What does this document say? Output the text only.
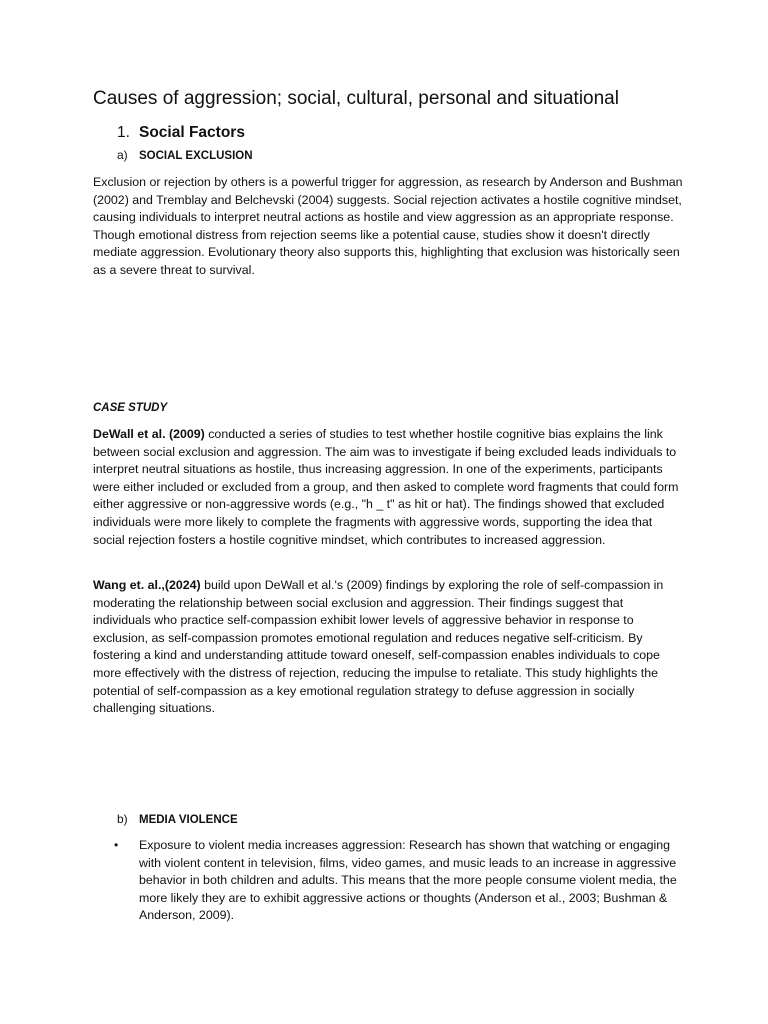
Causes of aggression; social, cultural, personal and situational
1. Social Factors
a) SOCIAL EXCLUSION

Exclusion or rejection by others is a powerful trigger for aggression, as research by Anderson and Bushman (2002) and Tremblay and Belchevski (2004) suggests. Social rejection activates a hostile cognitive mindset, causing individuals to interpret neutral actions as hostile and view aggression as an appropriate response. Though emotional distress from rejection seems like a potential cause, studies show it doesn't directly mediate aggression. Evolutionary theory also supports this, highlighting that exclusion was historically seen as a severe threat to survival.

CASE STUDY

DeWall et al. (2009) conducted a series of studies to test whether hostile cognitive bias explains the link between social exclusion and aggression. The aim was to investigate if being excluded leads individuals to interpret neutral situations as hostile, thus increasing aggression. In one of the experiments, participants were either included or excluded from a group, and then asked to complete word fragments that could form either aggressive or non-aggressive words (e.g., "h _ t" as hit or hat). The findings showed that excluded individuals were more likely to complete the fragments with aggressive words, supporting the idea that social rejection fosters a hostile cognitive mindset, which contributes to increased aggression.

Wang et. al.,(2024) build upon DeWall et al.'s (2009) findings by exploring the role of self-compassion in moderating the relationship between social exclusion and aggression. Their findings suggest that individuals who practice self-compassion exhibit lower levels of aggressive behavior in response to exclusion, as self-compassion promotes emotional regulation and reduces negative self-criticism. By fostering a kind and understanding attitude toward oneself, self-compassion enables individuals to cope more effectively with the distress of rejection, reducing the impulse to retaliate. This study highlights the potential of self-compassion as a key emotional regulation strategy to defuse aggression in socially challenging situations.

b) MEDIA VIOLENCE
•	Exposure to violent media increases aggression: Research has shown that watching or engaging with violent content in television, films, video games, and music leads to an increase in aggressive behavior in both children and adults. This means that the more people consume violent media, the more likely they are to exhibit aggressive actions or thoughts (Anderson et al., 2003; Bushman & Anderson, 2009).
